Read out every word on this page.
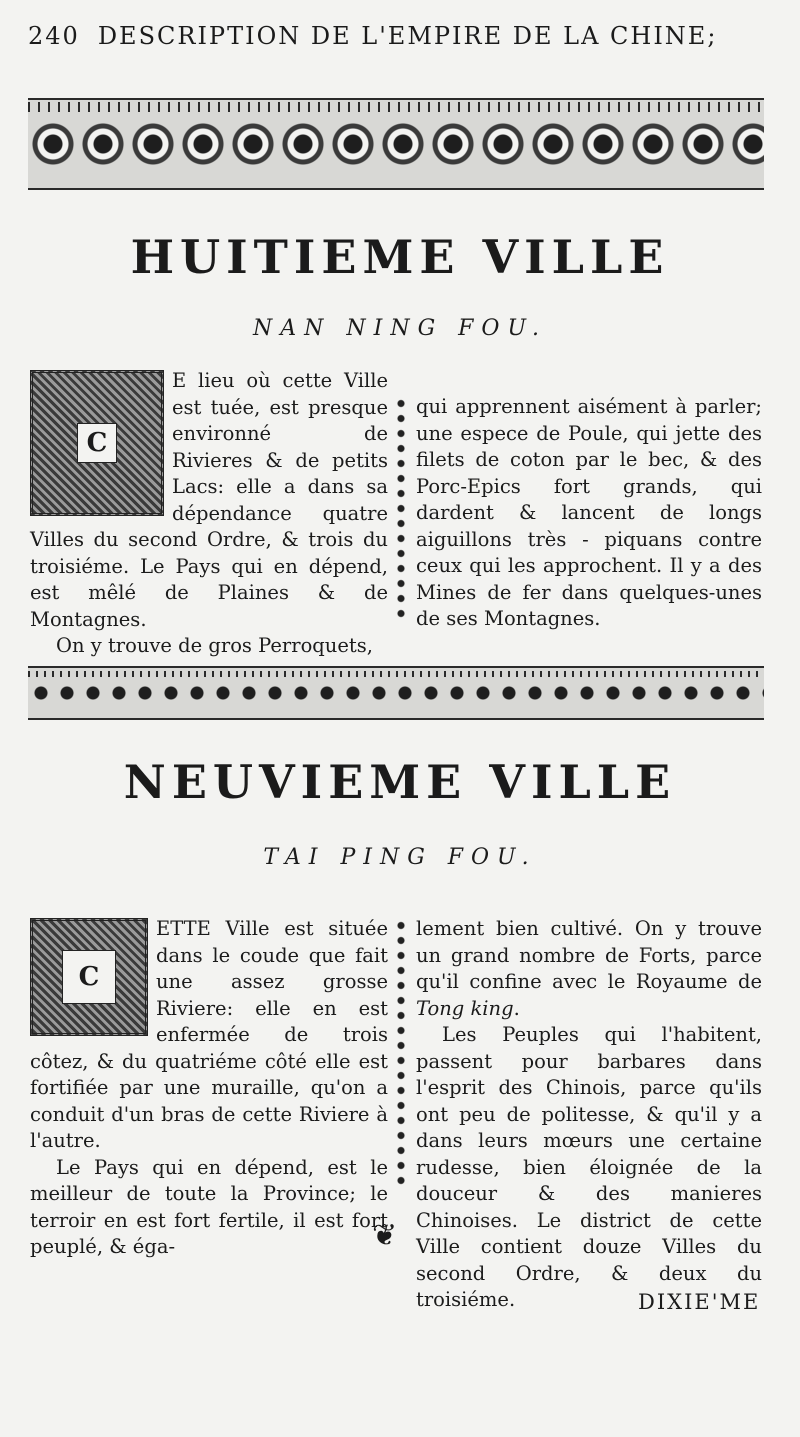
240 DESCRIPTION DE L'EMPIRE DE LA CHINE;
HUITIEME VILLE
NAN NING FOU.
C

E lieu où cette Ville est tuée, est presque environné de Rivieres & de petits Lacs: elle a dans sa dépendance quatre Villes du second Ordre, & trois du troisiéme. Le Pays qui en dépend, est mêlé de Plaines & de Montagnes.

On y trouve de gros Perroquets,

qui apprennent aisément à parler; une espece de Poule, qui jette des filets de coton par le bec, & des Porc-Epics fort grands, qui dardent & lancent de longs aiguillons très - piquans contre ceux qui les approchent. Il y a des Mines de fer dans quelques-unes de ses Montagnes.

NEUVIEME VILLE
TAI PING FOU.
C

ETTE Ville est située dans le coude que fait une assez grosse Riviere: elle en est enfermée de trois côtez, & du quatriéme côté elle est fortifiée par une muraille, qu'on a conduit d'un bras de cette Riviere à l'autre.

Le Pays qui en dépend, est le meilleur de toute la Province; le terroir en est fort fertile, il est fort peuplé, & éga-

lement bien cultivé. On y trouve un grand nombre de Forts, parce qu'il confine avec le Royaume de Tong king.

Les Peuples qui l'habitent, passent pour barbares dans l'esprit des Chinois, parce qu'ils ont peu de politesse, & qu'il y a dans leurs mœurs une certaine rudesse, bien éloignée de la douceur & des manieres Chinoises. Le district de cette Ville contient douze Villes du second Ordre, & deux du troisiéme.

❦
DIXIE'ME
